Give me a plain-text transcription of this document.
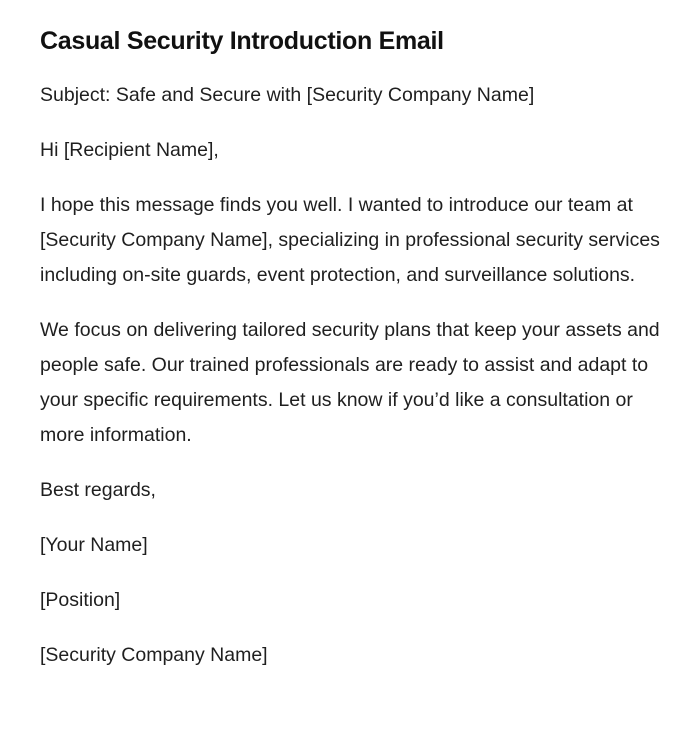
Casual Security Introduction Email

Subject: Safe and Secure with [Security Company Name]

Hi [Recipient Name],

I hope this message finds you well. I wanted to introduce our team at [Security Company Name], specializing in professional security services including on-site guards, event protection, and surveillance solutions.

We focus on delivering tailored security plans that keep your assets and people safe. Our trained professionals are ready to assist and adapt to your specific requirements. Let us know if you’d like a consultation or more information.

Best regards,

[Your Name]

[Position]

[Security Company Name]
